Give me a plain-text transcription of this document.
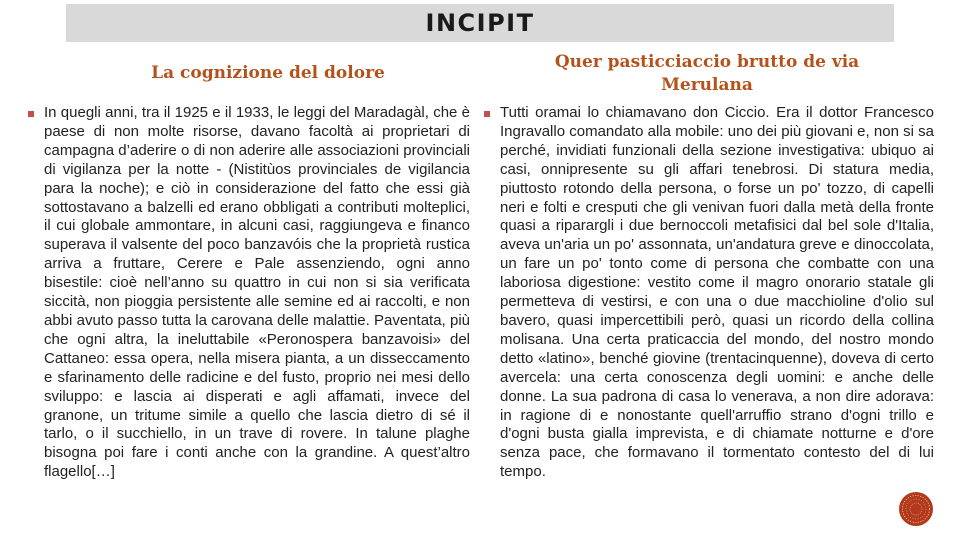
INCIPIT
La cognizione del dolore
Quer pasticciaccio brutto de via Merulana

In quegli anni, tra il 1925 e il 1933, le leggi del Maradagàl, che è paese di non molte risorse, davano facoltà ai proprietari di campagna d’aderire o di non aderire alle associazioni provinciali di vigilanza per la notte - (Nistitùos provinciales de vigilancia para la noche); e ciò in considerazione del fatto che essi già sottostavano a balzelli ed erano obbligati a contributi molteplici, il cui globale ammontare, in alcuni casi, raggiungeva e financo superava il valsente del poco banzavóis che la proprietà rustica arriva a fruttare, Cerere e Pale assenziendo, ogni anno bisestile: cioè nell’anno su quattro in cui non si sia verificata siccità, non pioggia persistente alle semine ed ai raccolti, e non abbi avuto passo tutta la carovana delle malattie. Paventata, più che ogni altra, la ineluttabile «Peronospera banzavoisi» del Cattaneo: essa opera, nella misera pianta, a un disseccamento e sfarinamento delle radicine e del fusto, proprio nei mesi dello sviluppo: e lascia ai disperati e agli affamati, invece del granone, un tritume simile a quello che lascia dietro di sé il tarlo, o il succhiello, in un trave di rovere. In talune plaghe bisogna poi fare i conti anche con la grandine. A quest’altro flagello[…]

Tutti oramai lo chiamavano don Ciccio. Era il dottor Francesco Ingravallo comandato alla mobile: uno dei più giovani e, non si sa perché, invidiati funzionali della sezione investigativa: ubiquo ai casi, onnipresente su gli affari tenebrosi. Di statura media, piuttosto rotondo della persona, o forse un po' tozzo, di capelli neri e folti e cresputi che gli venivan fuori dalla metà della fronte quasi a riparargli i due bernoccoli metafisici dal bel sole d'Italia, aveva un'aria un po' assonnata, un'andatura greve e dinoccolata, un fare un po' tonto come di persona che combatte con una laboriosa digestione: vestito come il magro onorario statale gli permetteva di vestirsi, e con una o due macchioline d'olio sul bavero, quasi impercettibili però, quasi un ricordo della collina molisana. Una certa praticaccia del mondo, del nostro mondo detto «latino», benché giovine (trentacinquenne), doveva di certo avercela: una certa conoscenza degli uomini: e anche delle donne. La sua padrona di casa lo venerava, a non dire adorava: in ragione di e nonostante quell'arruffio strano d'ogni trillo e d'ogni busta gialla imprevista, e di chiamate notturne e d'ore senza pace, che formavano il tormentato contesto del di lui tempo.
